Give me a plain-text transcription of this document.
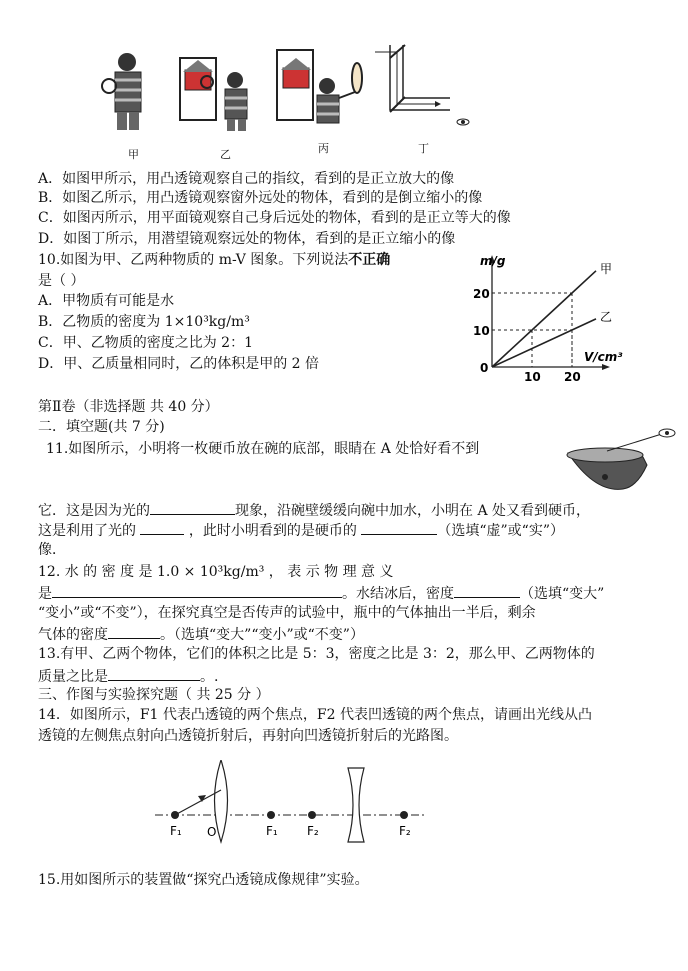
甲	乙	丙	丁
A．如图甲所示，用凸透镜观察自己的指纹，看到的是正立放大的像
B．如图乙所示，用凸透镜观察窗外远处的物体，看到的是倒立缩小的像
C．如图丙所示，用平面镜观察自己身后远处的物体，看到的是正立等大的像
D．如图丁所示，用潜望镜观察远处的物体，看到的是正立缩小的像
10.如图为甲、乙两种物质的 m-V 图象。下列说法不正确
是（ ）
A．甲物质有可能是水
B．乙物质的密度为 1×10³kg/m³
C．甲、乙物质的密度之比为 2：1
D．甲、乙质量相同时，乙的体积是甲的 2 倍
甲
乙
10 20
10
20
0
m/g
V/cm³
第Ⅱ卷（非选择题 共 40 分）
二．填空题(共 7 分)
11.如图所示，小明将一枚硬币放在碗的底部，眼睛在 A 处恰好看不到
它．这是因为光的	现象，沿碗壁缓缓向碗中加水，小明在 A 处又看到硬币，
这是利用了光的	，此时小明看到的是硬币的	（选填“虚”或“实”）
像．
12. 水 的 密 度 是 1.0 × 10³kg/m³ ， 表 示 物 理 意 义
是	。水结冰后，密度	（选填“变大”
“变小”或“不变”），在探究真空是否传声的试验中，瓶中的气体抽出一半后，剩余
气体的密度	。（选填“变大”“变小”或“不变”）
13.有甲、乙两个物体，它们的体积之比是 5：3，密度之比是 3：2，那么甲、乙两物体的
质量之比是	。.
三、作图与实验探究题（ 共 25 分 ）
14．如图所示，F1 代表凸透镜的两个焦点，F2 代表凹透镜的两个焦点，请画出光线从凸
透镜的左侧焦点射向凸透镜折射后，再射向凹透镜折射后的光路图。
F₁ O	F₁ F₂	F₂
15.用如图所示的装置做“探究凸透镜成像规律”实验。
